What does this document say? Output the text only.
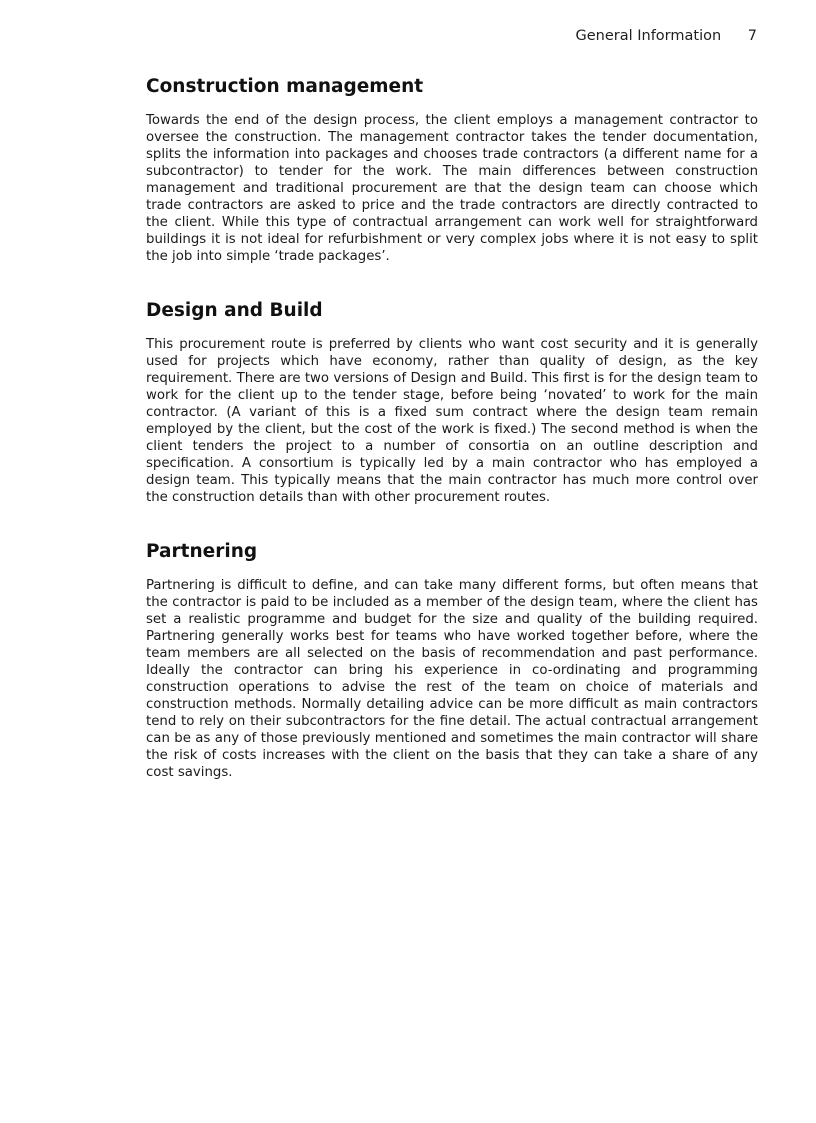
General Information 7
Construction management

Towards the end of the design process, the client employs a management contractor to oversee the construction. The management contractor takes the tender documentation, splits the information into packages and chooses trade contractors (a different name for a subcontractor) to tender for the work. The main differences between construction management and traditional procurement are that the design team can choose which trade contractors are asked to price and the trade contractors are directly contracted to the client. While this type of contractual arrangement can work well for straightforward buildings it is not ideal for refurbishment or very complex jobs where it is not easy to split the job into simple ‘trade packages’.

Design and Build

This procurement route is preferred by clients who want cost security and it is generally used for projects which have economy, rather than quality of design, as the key requirement. There are two versions of Design and Build. This first is for the design team to work for the client up to the tender stage, before being ‘novated’ to work for the main contractor. (A variant of this is a fixed sum contract where the design team remain employed by the client, but the cost of the work is fixed.) The second method is when the client tenders the project to a number of consortia on an outline description and specification. A consortium is typically led by a main contractor who has employed a design team. This typically means that the main contractor has much more control over the construction details than with other procurement routes.

Partnering

Partnering is difficult to define, and can take many different forms, but often means that the contractor is paid to be included as a member of the design team, where the client has set a realistic programme and budget for the size and quality of the building required. Partnering generally works best for teams who have worked together before, where the team members are all selected on the basis of recommendation and past performance. Ideally the contractor can bring his experience in co-ordinating and programming construction operations to advise the rest of the team on choice of materials and construction methods. Normally detailing advice can be more difficult as main contractors tend to rely on their subcontractors for the fine detail. The actual contractual arrangement can be as any of those previously mentioned and sometimes the main contractor will share the risk of costs increases with the client on the basis that they can take a share of any cost savings.
